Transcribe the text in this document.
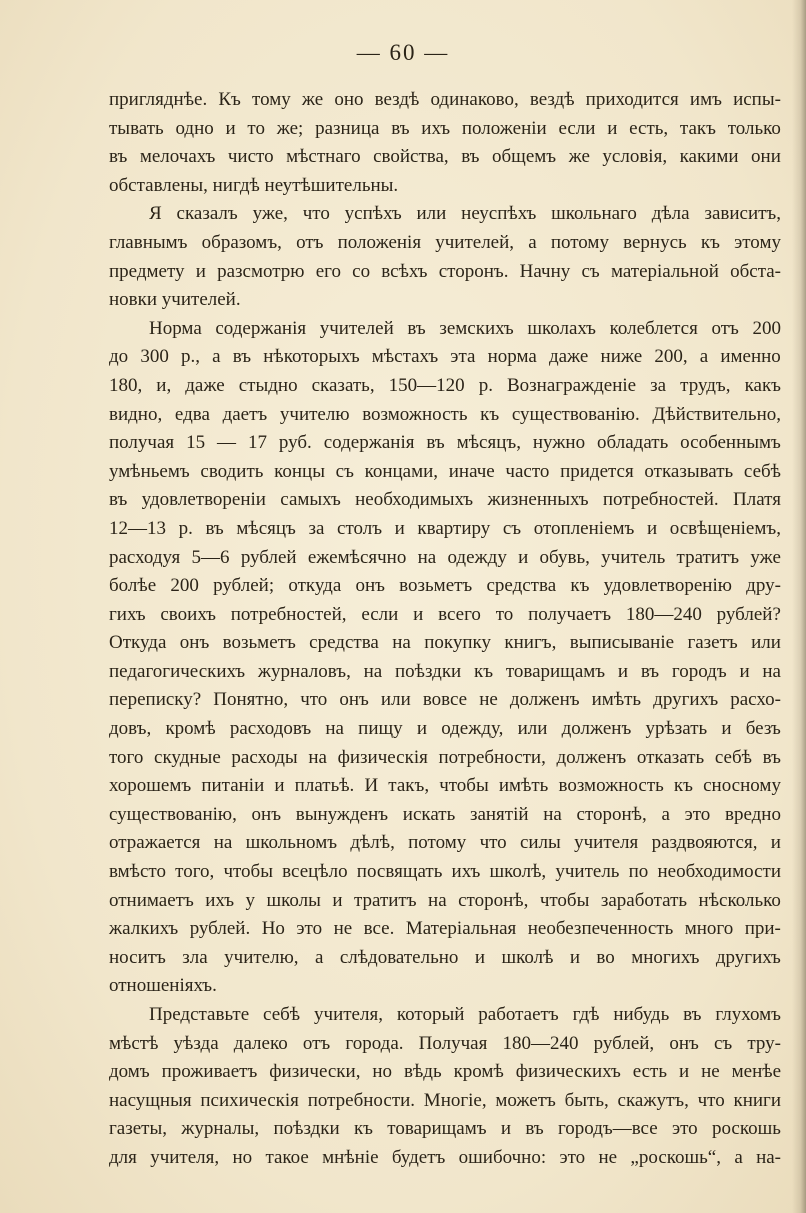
— 60 —
пригляднѣе. Къ тому же оно вездѣ одинаково, вездѣ приходится имъ испы-
тывать одно и то же; разница въ ихъ положеніи если и есть, такъ только
въ мелочахъ чисто мѣстнаго свойства, въ общемъ же условія, какими они
обставлены, нигдѣ неутѣшительны.
Я сказалъ уже, что успѣхъ или неуспѣхъ школьнаго дѣла зависитъ,
главнымъ образомъ, отъ положенія учителей, а потому вернусь къ этому
предмету и разсмотрю его со всѣхъ сторонъ. Начну съ матеріальной обста-
новки учителей.
Норма содержанія учителей въ земскихъ школахъ колеблется отъ 200
до 300 р., а въ нѣкоторыхъ мѣстахъ эта норма даже ниже 200, а именно
180, и, даже стыдно сказать, 150—120 р. Вознагражденіе за трудъ, какъ
видно, едва даетъ учителю возможность къ существованію. Дѣйствительно,
получая 15 — 17 руб. содержанія въ мѣсяцъ, нужно обладать особеннымъ
умѣньемъ сводить концы съ концами, иначе часто придется отказывать себѣ
въ удовлетвореніи самыхъ необходимыхъ жизненныхъ потребностей. Платя
12—13 р. въ мѣсяцъ за столъ и квартиру съ отопленіемъ и освѣщеніемъ,
расходуя 5—6 рублей ежемѣсячно на одежду и обувь, учитель тратитъ уже
болѣе 200 рублей; откуда онъ возьметъ средства къ удовлетворенію дру-
гихъ своихъ потребностей, если и всего то получаетъ 180—240 рублей?
Откуда онъ возьметъ средства на покупку книгъ, выписываніе газетъ или
педагогическихъ журналовъ, на поѣздки къ товарищамъ и въ городъ и на
переписку? Понятно, что онъ или вовсе не долженъ имѣть другихъ расхо-
довъ, кромѣ расходовъ на пищу и одежду, или долженъ урѣзать и безъ
того скудные расходы на физическія потребности, долженъ отказать себѣ въ
хорошемъ питаніи и платьѣ. И такъ, чтобы имѣть возможность къ сносному
существованію, онъ вынужденъ искать занятій на сторонѣ, а это вредно
отражается на школьномъ дѣлѣ, потому что силы учителя раздвояются, и
вмѣсто того, чтобы всецѣло посвящать ихъ школѣ, учитель по необходимости
отнимаетъ ихъ у школы и тратитъ на сторонѣ, чтобы заработать нѣсколько
жалкихъ рублей. Но это не все. Матеріальная необезпеченность много при-
носитъ зла учителю, а слѣдовательно и школѣ и во многихъ другихъ
отношеніяхъ.
Представьте себѣ учителя, который работаетъ гдѣ нибудь въ глухомъ
мѣстѣ уѣзда далеко отъ города. Получая 180—240 рублей, онъ съ тру-
домъ проживаетъ физически, но вѣдь кромѣ физическихъ есть и не менѣе
насущныя психическія потребности. Многіе, можетъ быть, скажутъ, что книги
газеты, журналы, поѣздки къ товарищамъ и въ городъ—все это роскошь
для учителя, но такое мнѣніе будетъ ошибочно: это не „роскошь“, а на-
